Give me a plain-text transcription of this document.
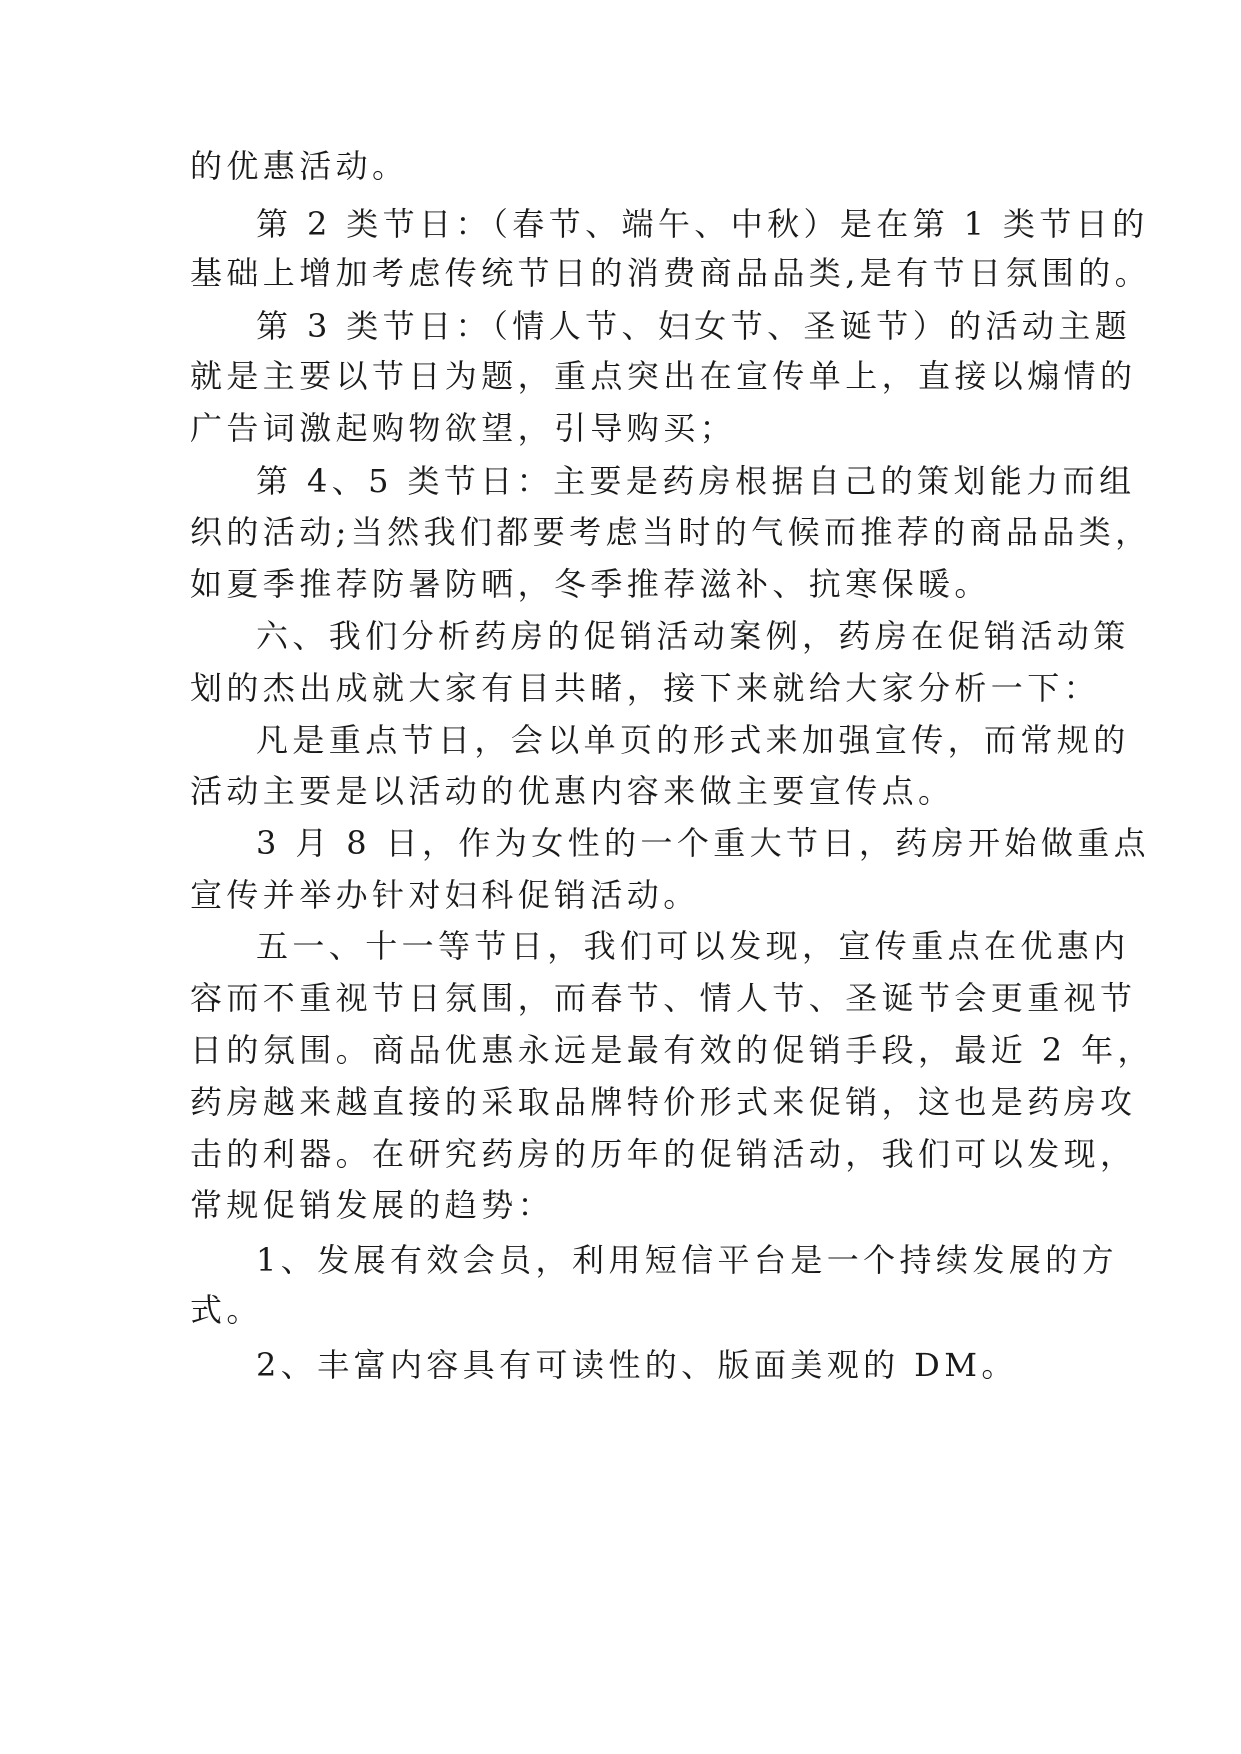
的优惠活动。
第 2 类节日：（春节、端午、中秋）是在第 1 类节日的
基础上增加考虑传统节日的消费商品品类,是有节日氛围的。
第 3 类节日：（情人节、妇女节、圣诞节）的活动主题
就是主要以节日为题，重点突出在宣传单上，直接以煽情的
广告词激起购物欲望，引导购买；
第 4、5 类节日：主要是药房根据自己的策划能力而组
织的活动;当然我们都要考虑当时的气候而推荐的商品品类，
如夏季推荐防暑防晒，冬季推荐滋补、抗寒保暖。
六、我们分析药房的促销活动案例，药房在促销活动策
划的杰出成就大家有目共睹，接下来就给大家分析一下：
凡是重点节日，会以单页的形式来加强宣传，而常规的
活动主要是以活动的优惠内容来做主要宣传点。
3 月 8 日，作为女性的一个重大节日，药房开始做重点
宣传并举办针对妇科促销活动。
五一、十一等节日，我们可以发现，宣传重点在优惠内
容而不重视节日氛围，而春节、情人节、圣诞节会更重视节
日的氛围。商品优惠永远是最有效的促销手段，最近 2 年，
药房越来越直接的采取品牌特价形式来促销，这也是药房攻
击的利器。在研究药房的历年的促销活动，我们可以发现，
常规促销发展的趋势：
1、发展有效会员，利用短信平台是一个持续发展的方
式。
2、丰富内容具有可读性的、版面美观的 DM。
